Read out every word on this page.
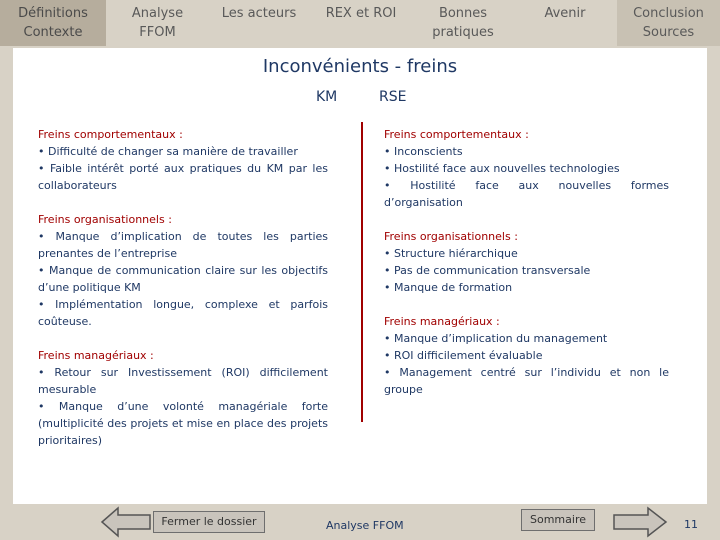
Définitions
Contexte
Analyse
FFOM
Les acteurs	REX et ROI	Bonnes
pratiques
Avenir	Conclusion
Sources
Inconvénients - freins
KM	RSE
Freins comportementaux :
• Difficulté de changer sa manière de travailler
• Faible intérêt porté aux pratiques du KM par les collaborateurs
Freins organisationnels :
• Manque d’implication de toutes les parties prenantes de l’entreprise
• Manque de communication claire sur les objectifs d’une politique KM
• Implémentation longue, complexe et parfois coûteuse.
Freins managériaux :
• Retour sur Investissement (ROI) difficilement mesurable
• Manque d’une volonté managériale forte (multiplicité des projets et mise en place des projets prioritaires)
Freins comportementaux :
• Inconscients
• Hostilité face aux nouvelles technologies
• Hostilité face aux nouvelles formes d’organisation
Freins organisationnels :
• Structure hiérarchique
• Pas de communication transversale
• Manque de formation
Freins managériaux :
• Manque d’implication du management
• ROI difficilement évaluable
• Management centré sur l’individu et non le groupe
Fermer le dossier	Analyse FFOM	Sommaire	11
